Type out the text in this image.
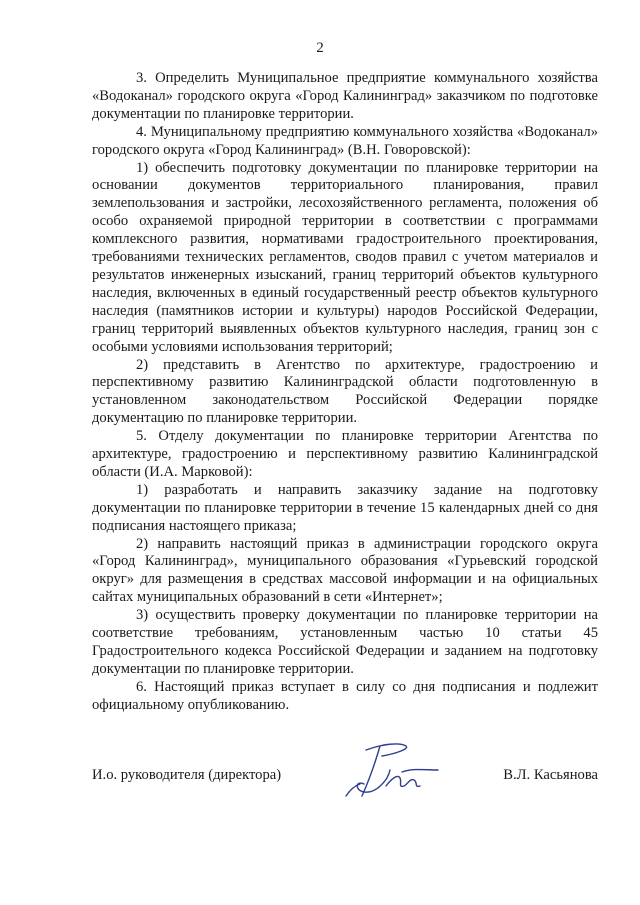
2

3. Определить Муниципальное предприятие коммунального хозяйства «Водоканал» городского округа «Город Калининград» заказчиком по подготовке документации по планировке территории.

4. Муниципальному предприятию коммунального хозяйства «Водоканал» городского округа «Город Калининград» (В.Н. Говоровской):

1) обеспечить подготовку документации по планировке территории на основании документов территориального планирования, правил землепользования и застройки, лесохозяйственного регламента, положения об особо охраняемой природной территории в соответствии с программами комплексного развития, нормативами градостроительного проектирования, требованиями технических регламентов, сводов правил с учетом материалов и результатов инженерных изысканий, границ территорий объектов культурного наследия, включенных в единый государственный реестр объектов культурного наследия (памятников истории и культуры) народов Российской Федерации, границ территорий выявленных объектов культурного наследия, границ зон с особыми условиями использования территорий;

2) представить в Агентство по архитектуре, градостроению и перспективному развитию Калининградской области подготовленную в установленном законодательством Российской Федерации порядке документацию по планировке территории.

5. Отделу документации по планировке территории Агентства по архитектуре, градостроению и перспективному развитию Калининградской области (И.А. Марковой):

1) разработать и направить заказчику задание на подготовку документации по планировке территории в течение 15 календарных дней со дня подписания настоящего приказа;

2) направить настоящий приказ в администрации городского округа «Город Калининград», муниципального образования «Гурьевский городской округ» для размещения в средствах массовой информации и на официальных сайтах муниципальных образований в сети «Интернет»;

3) осуществить проверку документации по планировке территории на соответствие требованиям, установленным частью 10 статьи 45 Градостроительного кодекса Российской Федерации и заданием на подготовку документации по планировке территории.

6. Настоящий приказ вступает в силу со дня подписания и подлежит официальному опубликованию.

И.о. руководителя (директора)	В.Л. Касьянова
